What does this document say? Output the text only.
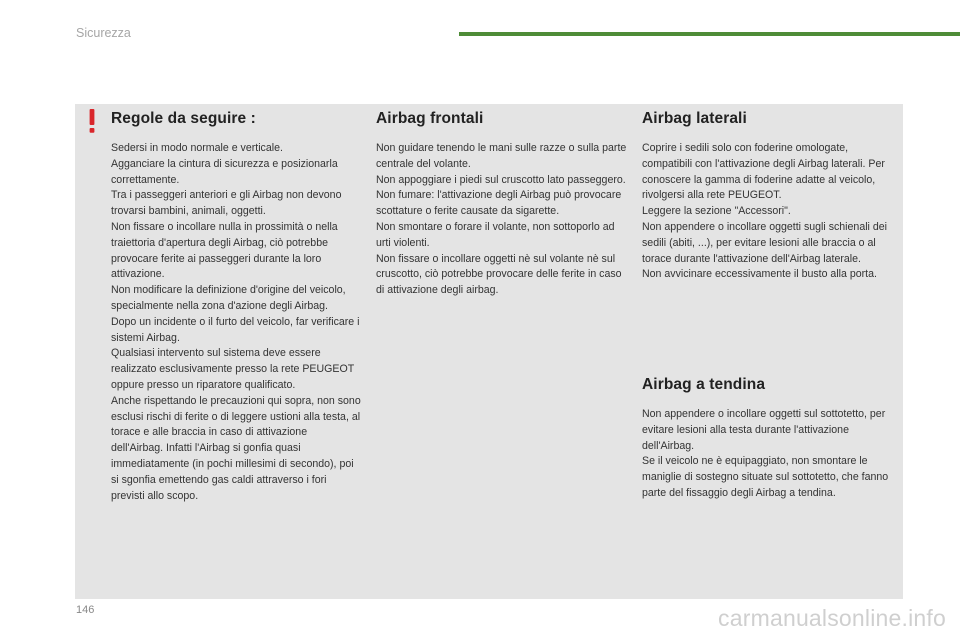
Sicurezza
Regole da seguire :

Sedersi in modo normale e verticale.
Agganciare la cintura di sicurezza e posizionarla correttamente.
Tra i passeggeri anteriori e gli Airbag non devono trovarsi bambini, animali, oggetti.
Non fissare o incollare nulla in prossimità o nella traiettoria d'apertura degli Airbag, ciò potrebbe provocare ferite ai passeggeri durante la loro attivazione.
Non modificare la definizione d'origine del veicolo, specialmente nella zona d'azione degli Airbag.
Dopo un incidente o il furto del veicolo, far verificare i sistemi Airbag.
Qualsiasi intervento sul sistema deve essere realizzato esclusivamente presso la rete PEUGEOT oppure presso un riparatore qualificato.
Anche rispettando le precauzioni qui sopra, non sono esclusi rischi di ferite o di leggere ustioni alla testa, al torace e alle braccia in caso di attivazione dell'Airbag. Infatti l'Airbag si gonfia quasi immediatamente (in pochi millesimi di secondo), poi si sgonfia emettendo gas caldi attraverso i fori previsti allo scopo.

Airbag frontali

Non guidare tenendo le mani sulle razze o sulla parte centrale del volante.
Non appoggiare i piedi sul cruscotto lato passeggero.
Non fumare: l'attivazione degli Airbag può provocare scottature o ferite causate da sigarette.
Non smontare o forare il volante, non sottoporlo ad urti violenti.
Non fissare o incollare oggetti nè sul volante nè sul cruscotto, ciò potrebbe provocare delle ferite in caso di attivazione degli airbag.

Airbag laterali

Coprire i sedili solo con foderine omologate, compatibili con l'attivazione degli Airbag laterali. Per conoscere la gamma di foderine adatte al veicolo, rivolgersi alla rete PEUGEOT.
Leggere la sezione "Accessori".
Non appendere o incollare oggetti sugli schienali dei sedili (abiti, ...), per evitare lesioni alle braccia o al torace durante l'attivazione dell'Airbag laterale.
Non avvicinare eccessivamente il busto alla porta.

Airbag a tendina

Non appendere o incollare oggetti sul sottotetto, per evitare lesioni alla testa durante l'attivazione dell'Airbag.
Se il veicolo ne è equipaggiato, non smontare le maniglie di sostegno situate sul sottotetto, che fanno parte del fissaggio degli Airbag a tendina.

146	carmanualsonline.info
